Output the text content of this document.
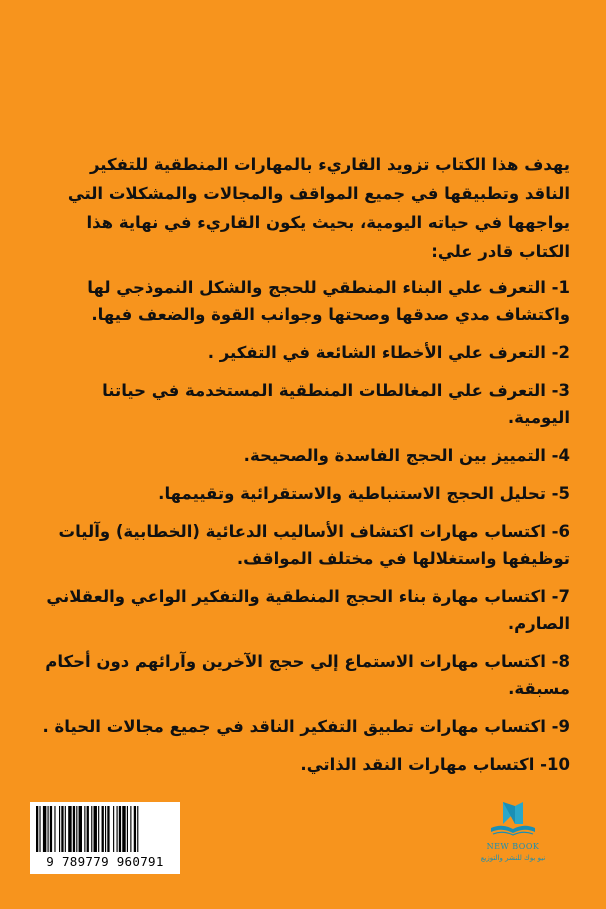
يهدف هذا الكتاب تزويد القاريء بالمهارات المنطقية للتفكير الناقد وتطبيقها في جميع المواقف والمجالات والمشكلات التي يواجهها في حياته اليومية، بحيث يكون القاريء في نهاية هذا الكتاب قادر علي:

1- التعرف علي البناء المنطقي للحجج والشكل النموذجي لها واكتشاف مدي صدقها وصحتها وجوانب القوة والضعف فيها.

2- التعرف علي الأخطاء الشائعة في التفكير .

3- التعرف علي المغالطات المنطقية المستخدمة في حياتنا اليومية.

4- التمييز بين الحجج الفاسدة والصحيحة.

5- تحليل الحجج الاستنباطية والاستقرائية وتقييمها.

6- اكتساب مهارات اكتشاف الأساليب الدعائية (الخطابية) وآليات توظيفها واستغلالها في مختلف المواقف.

7- اكتساب مهارة بناء الحجج المنطقية والتفكير الواعي والعقلاني الصارم.

8- اكتساب مهارات الاستماع إلي حجج الآخرين وآرائهم دون أحكام مسبقة.

9- اكتساب مهارات تطبيق التفكير الناقد في جميع مجالات الحياة .

10- اكتساب مهارات النقد الذاتي.

9 789779 960791
NEW BOOK
نيو بوك للنشر والتوزيع
